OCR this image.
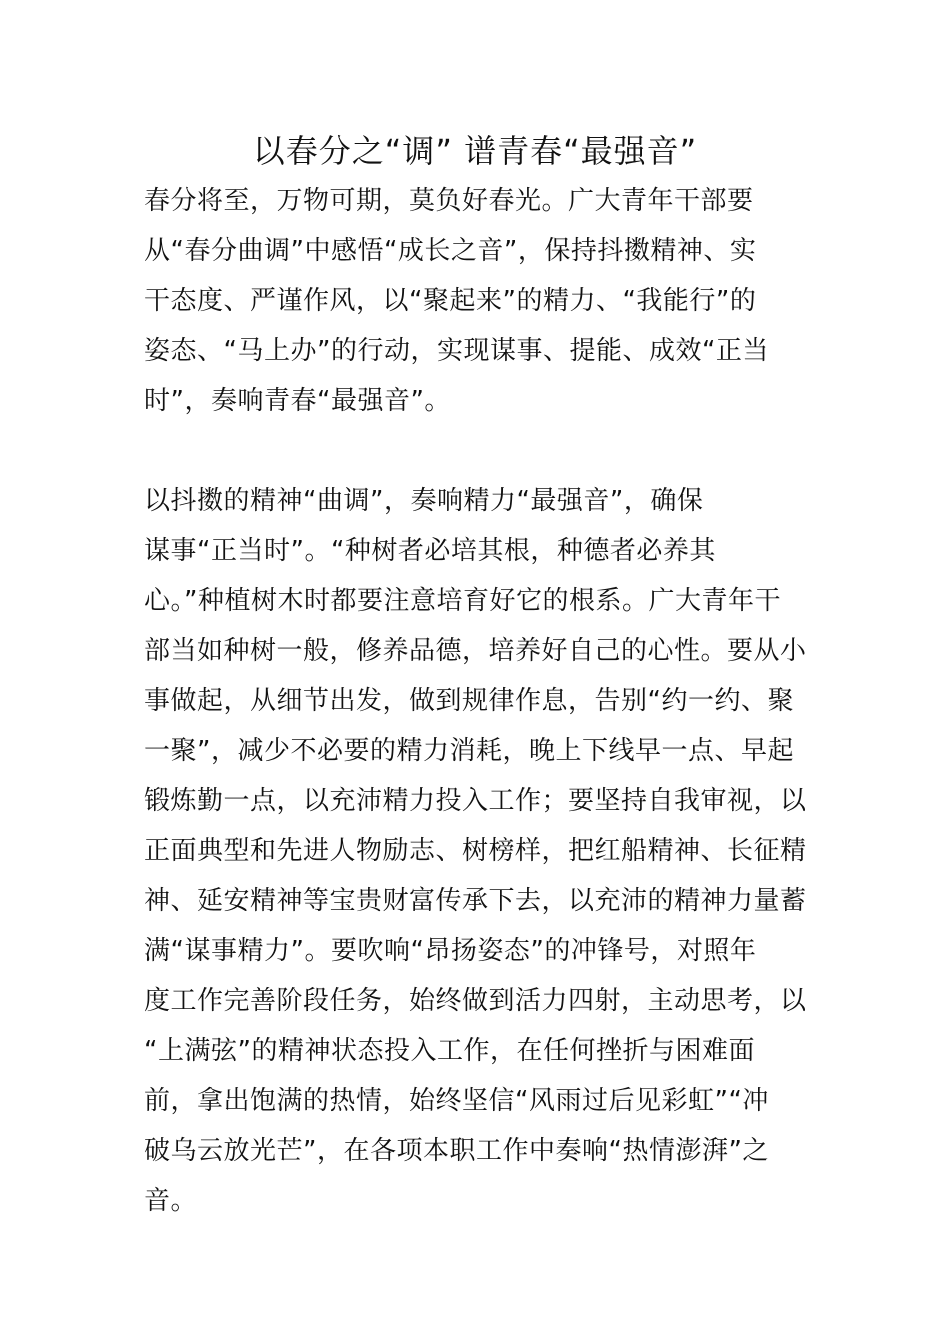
以春分之“调” 谱青春“最强音”
春分将至，万物可期，莫负好春光。广大青年干部要
从“春分曲调”中感悟“成长之音”，保持抖擞精神、实
干态度、严谨作风，以“聚起来”的精力、“我能行”的
姿态、“马上办”的行动，实现谋事、提能、成效“正当
时”，奏响青春“最强音”。
以抖擞的精神“曲调”，奏响精力“最强音”，确保
谋事“正当时”。“种树者必培其根，种德者必养其
心。”种植树木时都要注意培育好它的根系。广大青年干
部当如种树一般，修养品德，培养好自己的心性。要从小
事做起，从细节出发，做到规律作息，告别“约一约、聚
一聚”，减少不必要的精力消耗，晚上下线早一点、早起
锻炼勤一点，以充沛精力投入工作；要坚持自我审视，以
正面典型和先进人物励志、树榜样，把红船精神、长征精
神、延安精神等宝贵财富传承下去，以充沛的精神力量蓄
满“谋事精力”。要吹响“昂扬姿态”的冲锋号，对照年
度工作完善阶段任务，始终做到活力四射，主动思考，以
“上满弦”的精神状态投入工作，在任何挫折与困难面
前，拿出饱满的热情，始终坚信“风雨过后见彩虹”“冲
破乌云放光芒”，在各项本职工作中奏响“热情澎湃”之
音。
